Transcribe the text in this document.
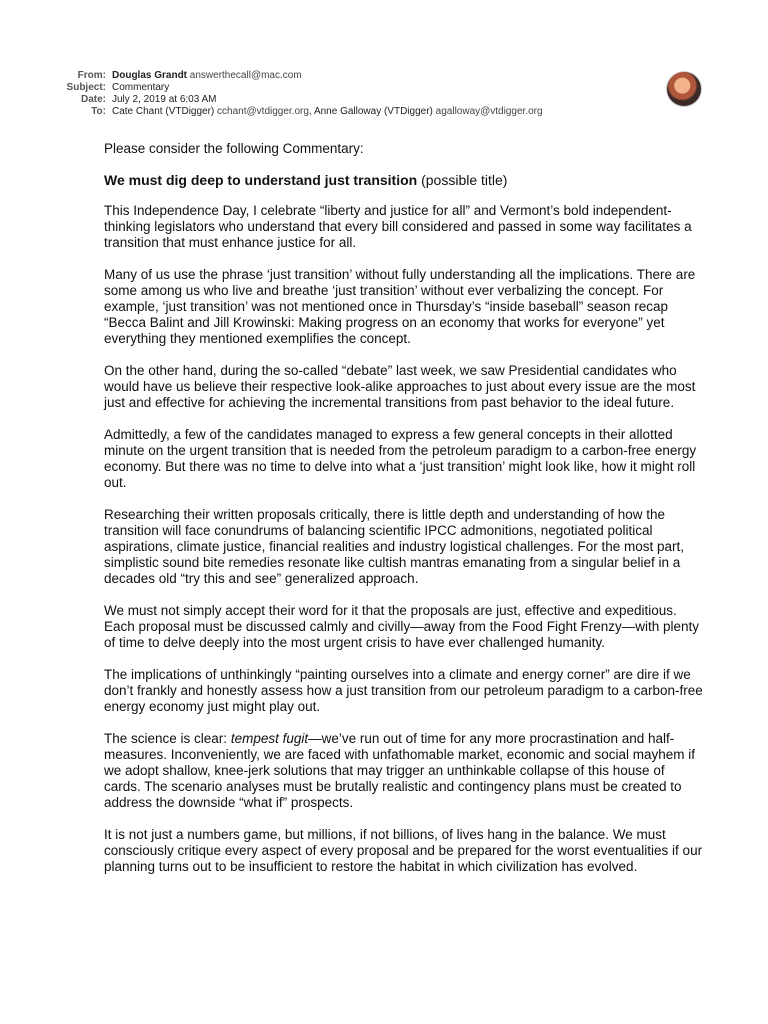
From: Douglas Grandt answerthecall@mac.com
Subject: Commentary
Date: July 2, 2019 at 6:03 AM
To: Cate Chant (VTDigger) cchant@vtdigger.org, Anne Galloway (VTDigger) agalloway@vtdigger.org

Please consider the following Commentary:

We must dig deep to understand just transition (possible title)

This Independence Day, I celebrate “liberty and justice for all” and Vermont’s bold independent-thinking legislators who understand that every bill considered and passed in some way facilitates a transition that must enhance justice for all.

Many of us use the phrase ‘just transition’ without fully understanding all the implications. There are some among us who live and breathe ‘just transition’ without ever verbalizing the concept. For example, ‘just transition’ was not mentioned once in Thursday’s “inside baseball” season recap “Becca Balint and Jill Krowinski: Making progress on an economy that works for everyone” yet everything they mentioned exemplifies the concept.

On the other hand, during the so-called “debate” last week, we saw Presidential candidates who would have us believe their respective look-alike approaches to just about every issue are the most just and effective for achieving the incremental transitions from past behavior to the ideal future.

Admittedly, a few of the candidates managed to express a few general concepts in their allotted minute on the urgent transition that is needed from the petroleum paradigm to a carbon-free energy economy. But there was no time to delve into what a ‘just transition’ might look like, how it might roll out.

Researching their written proposals critically, there is little depth and understanding of how the transition will face conundrums of balancing scientific IPCC admonitions, negotiated political aspirations, climate justice, financial realities and industry logistical challenges. For the most part, simplistic sound bite remedies resonate like cultish mantras emanating from a singular belief in a decades old “try this and see” generalized approach.

We must not simply accept their word for it that the proposals are just, effective and expeditious. Each proposal must be discussed calmly and civilly—away from the Food Fight Frenzy—with plenty of time to delve deeply into the most urgent crisis to have ever challenged humanity.

The implications of unthinkingly “painting ourselves into a climate and energy corner” are dire if we don’t frankly and honestly assess how a just transition from our petroleum paradigm to a carbon-free energy economy just might play out.

The science is clear: tempest fugit—we’ve run out of time for any more procrastination and half-measures. Inconveniently, we are faced with unfathomable market, economic and social mayhem if we adopt shallow, knee-jerk solutions that may trigger an unthinkable collapse of this house of cards. The scenario analyses must be brutally realistic and contingency plans must be created to address the downside “what if” prospects.

It is not just a numbers game, but millions, if not billions, of lives hang in the balance. We must consciously critique every aspect of every proposal and be prepared for the worst eventualities if our planning turns out to be insufficient to restore the habitat in which civilization has evolved.
